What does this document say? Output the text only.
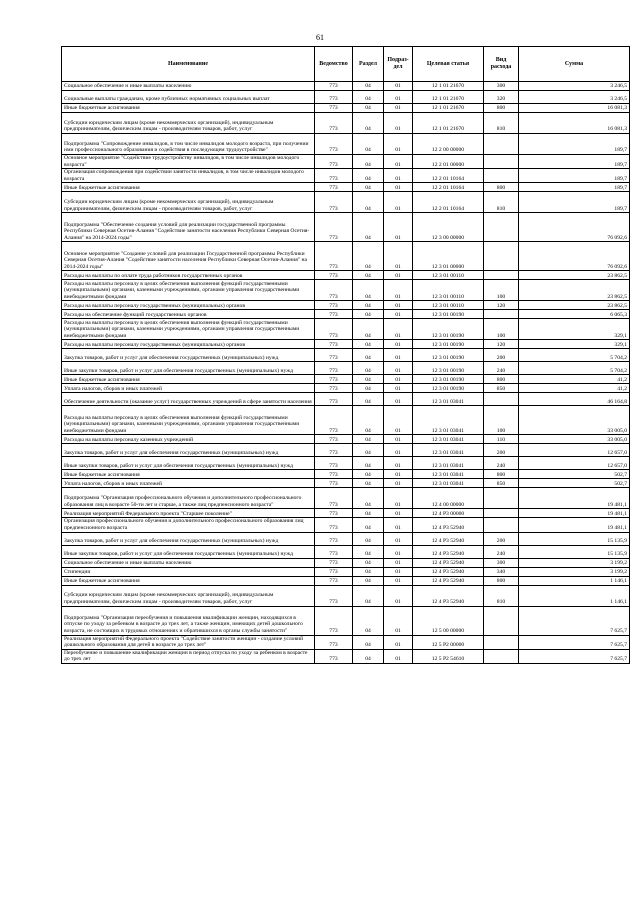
61
Наименование	Ведомство	Раздел	Подраз-дел	Целевая статья	Вид расхода	Сумма
Социальное обеспечение и иные выплаты населению	773	04	01	12 1 01 21670	300	3 246,5
Социальные выплаты гражданам, кроме публичных нормативных социальных выплат	773	04	01	12 1 01 21670	320	3 246,5
Иные бюджетные ассигнования	773	04	01	12 1 01 21670	800	16 081,3
Субсидии юридическим лицам (кроме некоммерческих организаций), индивидуальным предпринимателям, физическим лицам - производителям товаров, работ, услуг	773	04	01	12 1 01 21670	810	16 081,3
Подпрограмма "Сопровождение инвалидов, в том числе инвалидов молодого возраста, при получении ими профессионального образования и содействия в последующем трудоустройстве"	773	04	01	12 2 00 00000		189,7
Основное мероприятие "Содействие трудоустройству инвалидов, в том числе инвалидов молодого возраста"	773	04	01	12 2 01 00000		189,7
Организация сопровождения при содействии занятости инвалидов, в том числе инвалидов молодого возраста	773	04	01	12 2 01 10164		189,7
Иные бюджетные ассигнования	773	04	01	12 2 01 10164	800	189,7
Субсидии юридическим лицам (кроме некоммерческих организаций), индивидуальным предпринимателям, физическим лицам - производителям товаров, работ, услуг	773	04	01	12 2 01 10164	810	189,7
Подпрограмма "Обеспечение создания условий для реализации государственной программы Республики Северная Осетия-Алания "Содействие занятости населения Республики Северная Осетия-Алания" на 2014-2024 годы"	773	04	01	12 3 00 00000		76 092,6
Основное мероприятие "Создание условий для реализации Государственной программы Республики Северная Осетия-Алания "Содействие занятости населения Республики Северная Осетия-Алания" на 2014-2024 годы"	773	04	01	12 3 01 00000		76 092,6
Расходы на выплаты по оплате труда работников государственных органов	773	04	01	12 3 01 00110		23 862,5
Расходы на выплаты персоналу в целях обеспечения выполнения функций государственными (муниципальными) органами, казенными учреждениями, органами управления государственными внебюджетными фондами	773	04	01	12 3 01 00110	100	23 862,5
Расходы на выплаты персоналу государственных (муниципальных) органов	773	04	01	12 3 01 00110	120	23 862,5
Расходы на обеспечение функций государственных органов	773	04	01	12 3 01 00190		6 065,3
Расходы на выплаты персоналу в целях обеспечения выполнения функций государственными (муниципальными) органами, казенными учреждениями, органами управления государственными внебюджетными фондами	773	04	01	12 3 01 00190	100	329,1
Расходы на выплаты персоналу государственных (муниципальных) органов	773	04	01	12 3 01 00190	120	329,1
Закупка товаров, работ и услуг для обеспечения государственных (муниципальных) нужд	773	04	01	12 3 01 00190	200	5 704,2
Иные закупки товаров, работ и услуг для обеспечения государственных (муниципальных) нужд	773	04	01	12 3 01 00190	240	5 704,2
Иные бюджетные ассигнования	773	04	01	12 3 01 00190	800	41,2
Уплата налогов, сборов и иных платежей	773	04	01	12 3 01 00190	850	41,2
Обеспечение деятельности (оказание услуг) государственных учреждений в сфере занятости населения	773	04	01	12 3 01 03041		46 164,8
Расходы на выплаты персоналу в целях обеспечения выполнения функций государственными (муниципальными) органами, казенными учреждениями, органами управления государственными внебюджетными фондами	773	04	01	12 3 01 03041	100	33 005,0
Расходы на выплаты персоналу казенных учреждений	773	04	01	12 3 01 03041	110	33 005,0
Закупка товаров, работ и услуг для обеспечения государственных (муниципальных) нужд	773	04	01	12 3 01 03041	200	12 657,0
Иные закупки товаров, работ и услуг для обеспечения государственных (муниципальных) нужд	773	04	01	12 3 01 03041	240	12 657,0
Иные бюджетные ассигнования	773	04	01	12 3 01 03041	800	502,7
Уплата налогов, сборов и иных платежей	773	04	01	12 3 01 03041	850	502,7
Подпрограмма "Организация профессионального обучения и дополнительного профессионального образования лиц в возрасте 50-ти лет и старше, а также лиц предпенсионного возраста"	773	04	01	12 4 00 00000		19 481,1
Реализация мероприятий Федерального проекта "Старшее поколение"	773	04	01	12 4 P3 00000		19 481,1
Организация профессионального обучения и дополнительного профессионального образования лиц предпенсионного возраста	773	04	01	12 4 P3 52940		19 481,1
Закупка товаров, работ и услуг для обеспечения государственных (муниципальных) нужд	773	04	01	12 4 P3 52940	200	15 135,9
Иные закупки товаров, работ и услуг для обеспечения государственных (муниципальных) нужд	773	04	01	12 4 P3 52940	240	15 135,9
Социальное обеспечение и иные выплаты населению	773	04	01	12 4 P3 52940	300	3 199,2
Стипендии	773	04	01	12 4 P3 52940	340	3 199,2
Иные бюджетные ассигнования	773	04	01	12 4 P3 52940	800	1 146,1
Субсидии юридическим лицам (кроме некоммерческих организаций), индивидуальным предпринимателям, физическим лицам - производителям товаров, работ, услуг	773	04	01	12 4 P3 52940	810	1 146,1
Подпрограмма "Организация переобучения и повышения квалификации женщин, находящихся в отпуске по уходу за ребенком в возрасте до трех лет, а также женщин, имеющих детей дошкольного возраста, не состоящих в трудовых отношениях и обратившихся в органы службы занятости"	773	04	01	12 5 00 00000		7 625,7
Реализация мероприятий Федерального проекта "Содействие занятости женщин - создание условий дошкольного образования для детей в возрасте до трех лет"	773	04	01	12 5 P2 00000		7 625,7
Переобучение и повышение квалификации женщин в период отпуска по уходу за ребенком в возрасте до трех лет	773	04	01	12 5 P2 54610		7 625,7
